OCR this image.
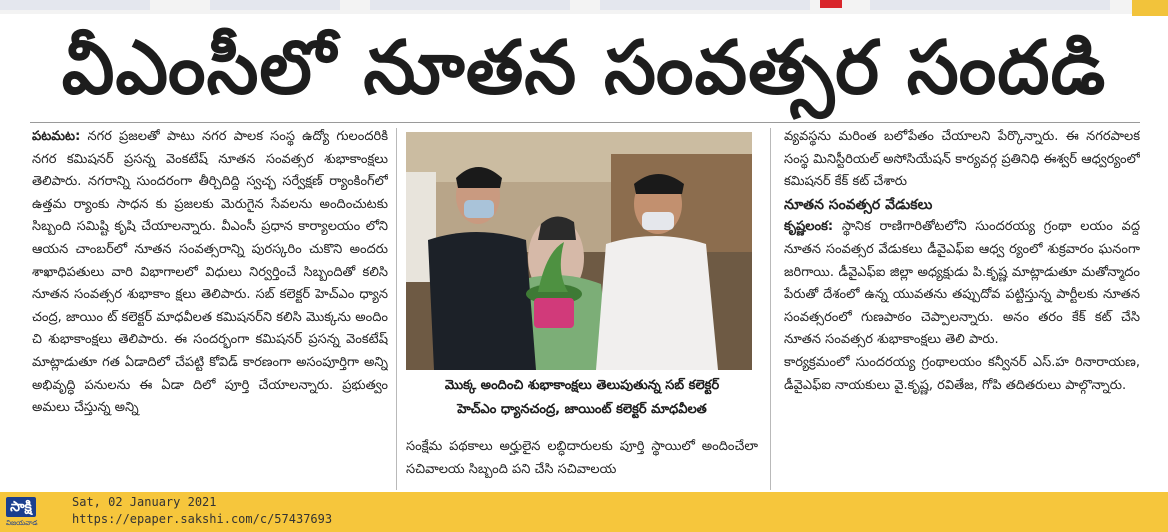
వీఎంసీలో నూతన సంవత్సర సందడి

పటమట: నగర ప్రజలతో పాటు నగర పాలక సంస్థ ఉద్యో గులందరికి నగర కమిషనర్ ప్రసన్న వెంకటేష్ నూతన సంవత్సర శుభాకాంక్షలు తెలిపారు. నగరాన్ని సుందరంగా తీర్చిదిద్ది స్వచ్ఛ సర్వేక్షణ్ ర్యాంకింగ్‌లో ఉత్తమ ర్యాంకు సాధన కు ప్రజలకు మెరుగైన సేవలను అందించుటకు సిబ్బంది సమిష్టి కృషి చేయాలన్నారు. వీఎంసీ ప్రధాన కార్యాలయం లోని ఆయన చాంబర్‌లో నూతన సంవత్సరాన్ని పురస్కరిం చుకొని అందరు శాఖాధిపతులు వారి విభాగాలలో విధులు నిర్వర్తించే సిబ్బందితో కలిసి నూతన సంవత్సర శుభాకాం క్షలు తెలిపారు. సబ్ కలెక్టర్ హెచ్‌ఎం ధ్యాన చంద్ర, జాయిం ట్ కలెక్టర్ మాధవీలత కమిషనర్‌ని కలిసి మొక్కను అందిం చి శుభాకాంక్షలు తెలిపారు. ఈ సందర్భంగా కమిషనర్ ప్రసన్న వెంకటేష్ మాట్లాడుతూ గత ఏడాదిలో చేపట్టి కోవిడ్ కారణంగా అసంపూర్తిగా అన్ని అభివృద్ధి పనులను ఈ ఏడా దిలో పూర్తి చేయాలన్నారు. ప్రభుత్వం అమలు చేస్తున్న అన్ని

మొక్క అందించి శుభాకాంక్షలు తెలుపుతున్న సబ్ కలెక్టర్
హెచ్‌ఎం ధ్యానచంద్ర, జాయింట్ కలెక్టర్ మాధవీలత

సంక్షేమ పథకాలు అర్హులైన లబ్ధిదారులకు పూర్తి స్థాయిలో అందించేలా సచివాలయ సిబ్బంది పని చేసి సచివాలయ

వ్యవస్థను మరింత బలోపేతం చేయాలని పేర్కొన్నారు. ఈ నగరపాలక సంస్థ మినిస్టీరియల్ అసోసియేషన్ కార్యవర్గ ప్రతినిధి ఈశ్వర్ ఆధ్వర్యంలో కమిషనర్ కేక్ కట్ చేశారు

నూతన సంవత్సర వేడుకలు

కృష్ణలంక: స్థానిక రాణిగారితోటలోని సుందరయ్య గ్రంథా లయం వద్ద నూతన సంవత్సర వేడుకలు డీవైఎఫ్‌ఐ ఆధ్వ ర్యంలో శుక్రవారం ఘనంగా జరిగాయి. డీవైఎఫ్‌ఐ జిల్లా అధ్యక్షుడు పి.కృష్ణ మాట్లాడుతూ మతోన్మాదం పేరుతో దేశంలో ఉన్న యువతను తప్పుదోవ పట్టిస్తున్న పార్టీలకు నూతన సంవత్సరంలో గుణపాఠం చెప్పాలన్నారు. అనం తరం కేక్ కట్ చేసి నూతన సంవత్సర శుభాకాంక్షలు తెలి పారు.

కార్యక్రమంలో సుందరయ్య గ్రంథాలయం కన్వీనర్ ఎస్.హ రినారాయణ, డీవైఎఫ్‌ఐ నాయకులు వై.కృష్ణ, రవితేజ, గోపి తదితరులు పాల్గొన్నారు.

సాక్షి
విజయవాడ
Sat, 02 January 2021
https://epaper.sakshi.com/c/57437693
